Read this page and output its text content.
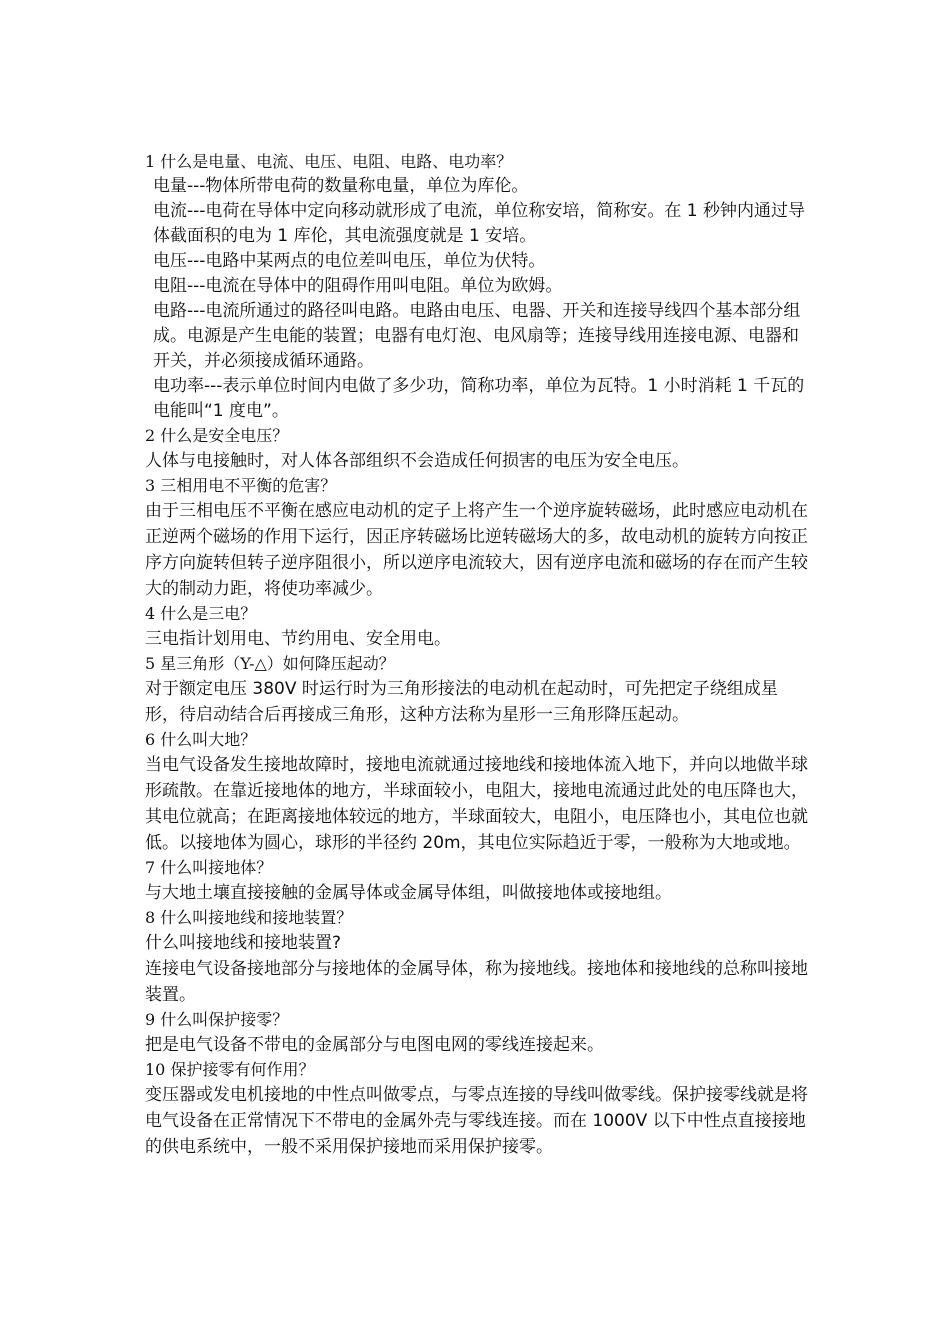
1 什么是电量、电流、电压、电阻、电路、电功率？
电量---物体所带电荷的数量称电量，单位为库伦。
电流---电荷在导体中定向移动就形成了电流，单位称安培，简称安。在 1 秒钟内通过导体截面积的电为 1 库伦，其电流强度就是 1 安培。
电压---电路中某两点的电位差叫电压，单位为伏特。
电阻---电流在导体中的阻碍作用叫电阻。单位为欧姆。
电路---电流所通过的路径叫电路。电路由电压、电器、开关和连接导线四个基本部分组成。电源是产生电能的装置；电器有电灯泡、电风扇等；连接导线用连接电源、电器和开关，并必须接成循环通路。
电功率---表示单位时间内电做了多少功，简称功率，单位为瓦特。1 小时消耗 1 千瓦的电能叫“1 度电”。
2 什么是安全电压？
人体与电接触时，对人体各部组织不会造成任何损害的电压为安全电压。
3 三相用电不平衡的危害？
由于三相电压不平衡在感应电动机的定子上将产生一个逆序旋转磁场，此时感应电动机在正逆两个磁场的作用下运行，因正序转磁场比逆转磁场大的多，故电动机的旋转方向按正序方向旋转但转子逆序阻很小，所以逆序电流较大，因有逆序电流和磁场的存在而产生较大的制动力距，将使功率减少。
4 什么是三电？
三电指计划用电、节约用电、安全用电。
5 星三角形（Y-△）如何降压起动？
对于额定电压 380V 时运行时为三角形接法的电动机在起动时，可先把定子绕组成星形，待启动结合后再接成三角形，这种方法称为星形一三角形降压起动。
6 什么叫大地？
当电气设备发生接地故障时，接地电流就通过接地线和接地体流入地下，并向以地做半球形疏散。在靠近接地体的地方，半球面较小，电阻大，接地电流通过此处的电压降也大，其电位就高；在距离接地体较远的地方，半球面较大，电阻小，电压降也小，其电位也就低。以接地体为圆心，球形的半径约 20m，其电位实际趋近于零，一般称为大地或地。
7 什么叫接地体？
与大地土壤直接接触的金属导体或金属导体组，叫做接地体或接地组。
8 什么叫接地线和接地装置？
什么叫接地线和接地装置?
连接电气设备接地部分与接地体的金属导体，称为接地线。接地体和接地线的总称叫接地装置。
9 什么叫保护接零？
把是电气设备不带电的金属部分与电图电网的零线连接起来。
10 保护接零有何作用？
变压器或发电机接地的中性点叫做零点，与零点连接的导线叫做零线。保护接零线就是将电气设备在正常情况下不带电的金属外壳与零线连接。而在 1000V 以下中性点直接接地的供电系统中，一般不采用保护接地而采用保护接零。
